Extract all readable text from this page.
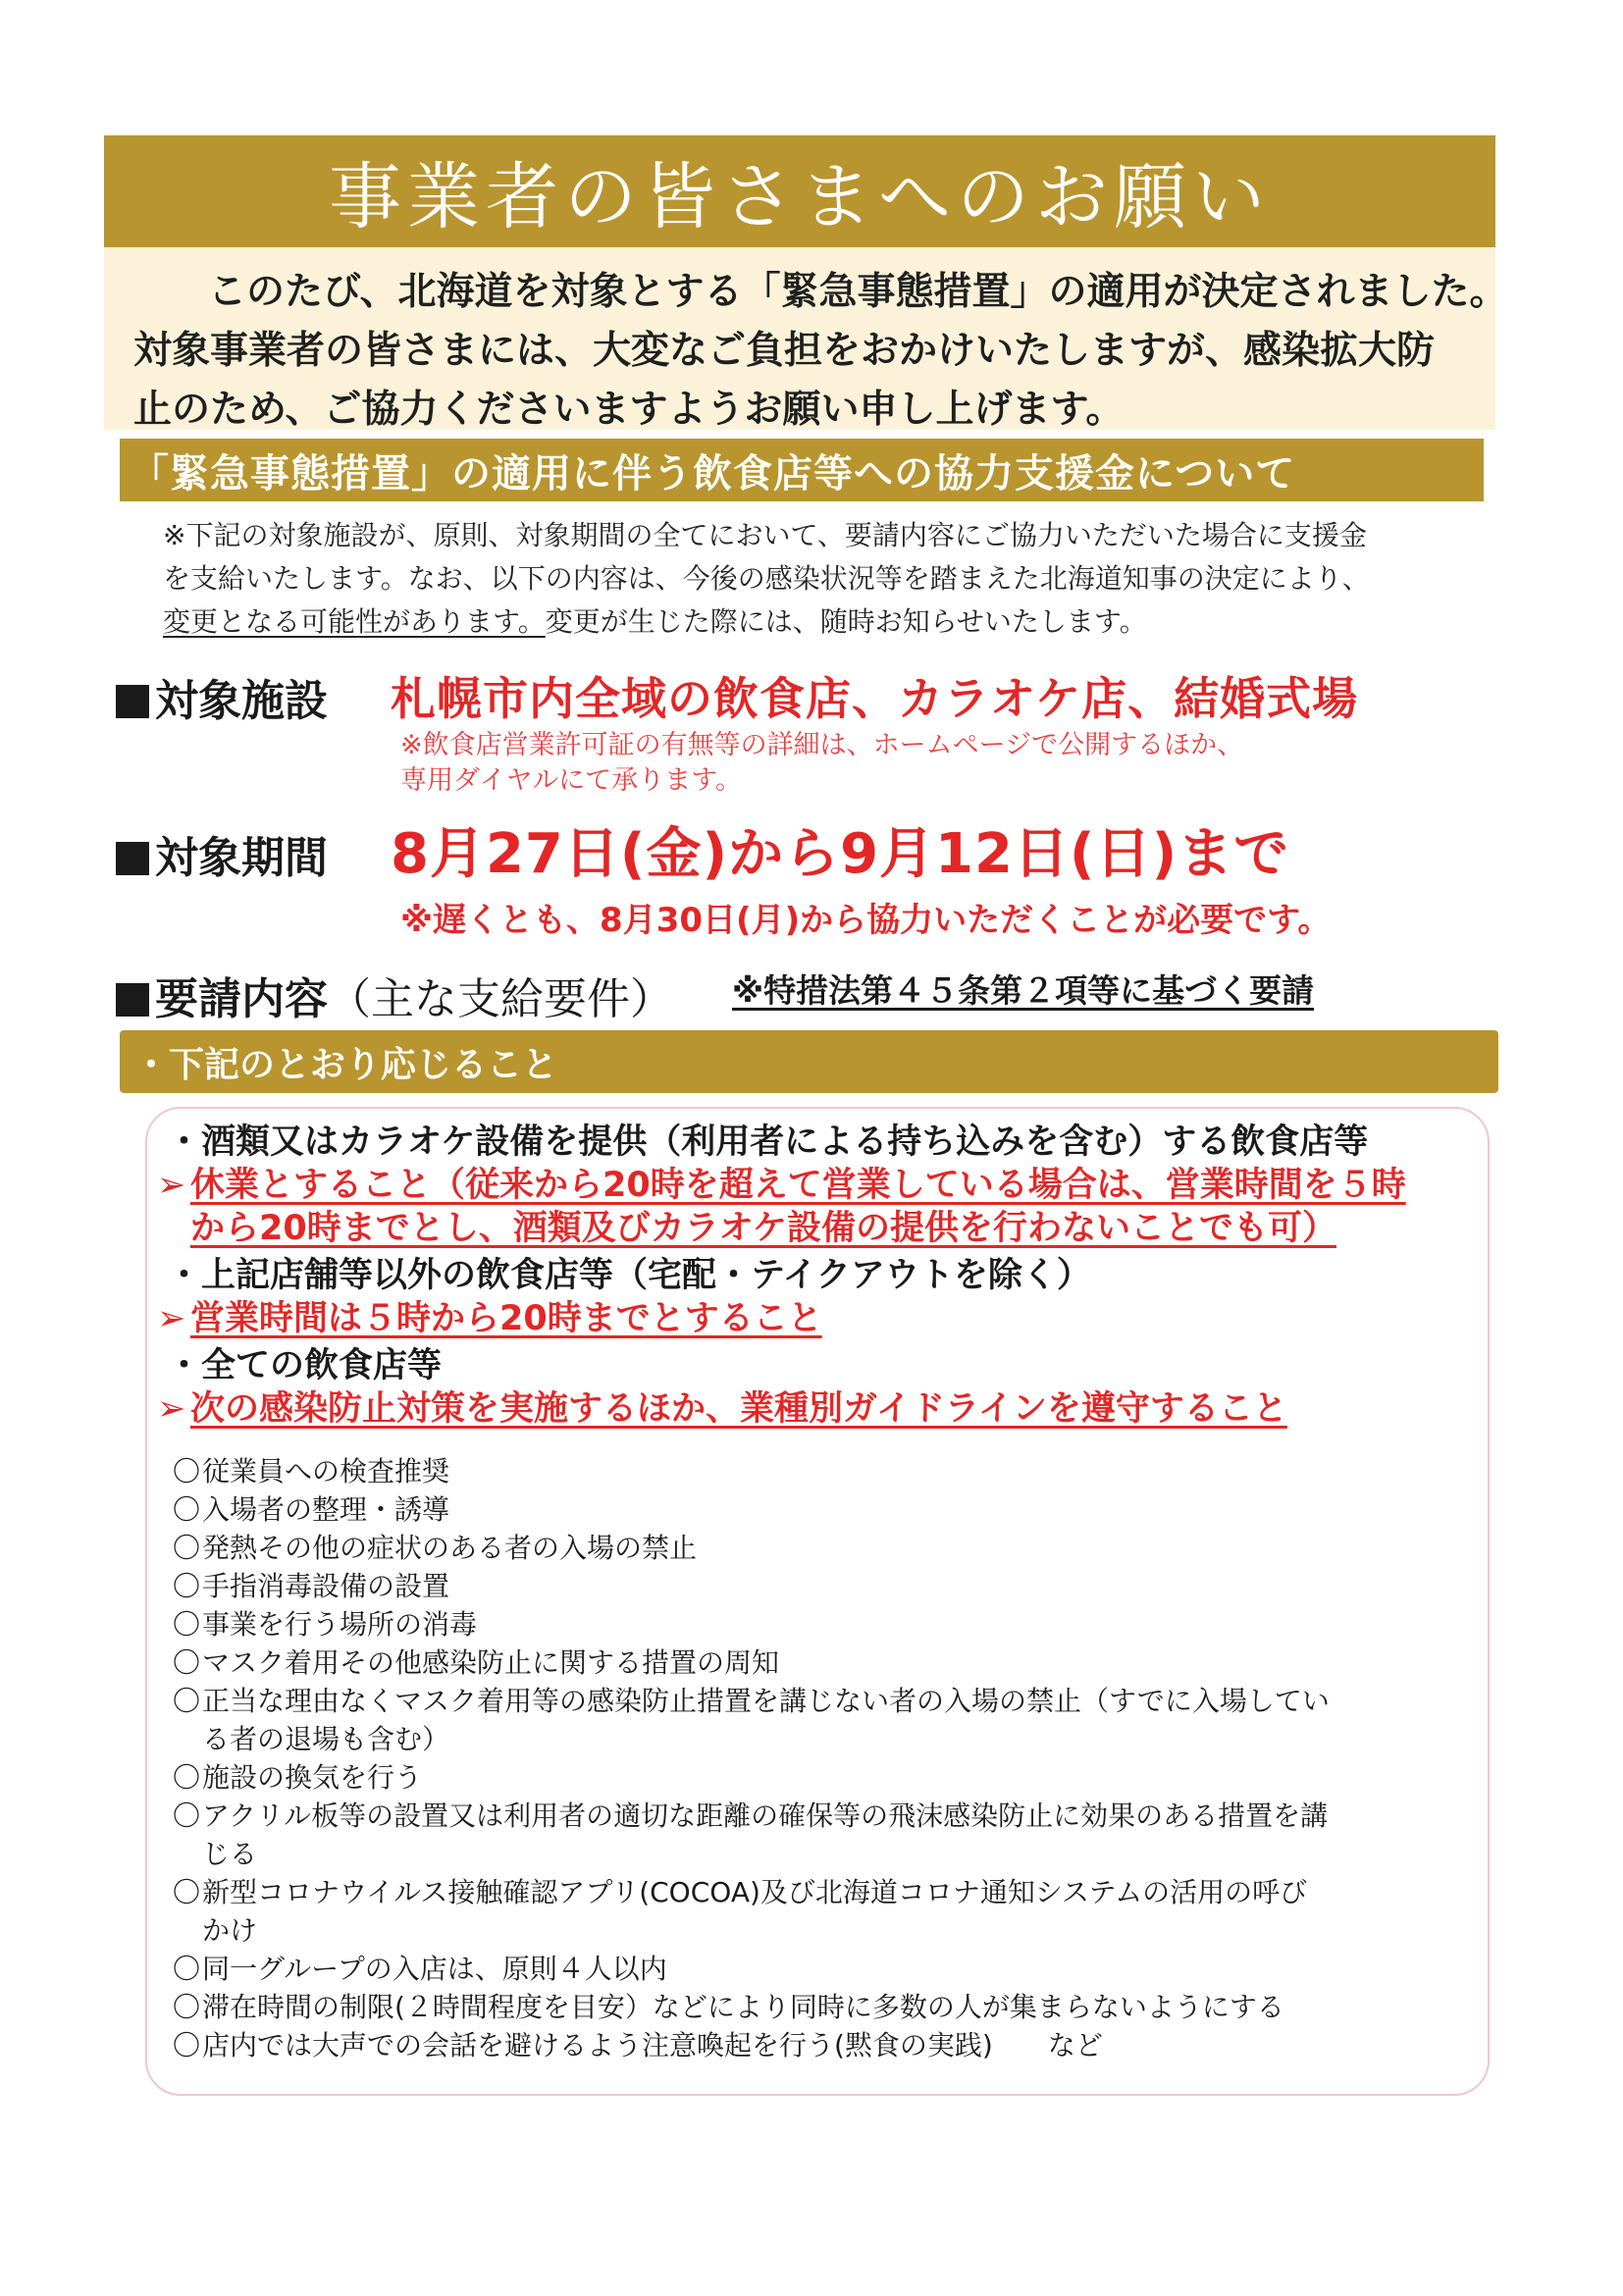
事業者の皆さまへのお願い
このたび、北海道を対象とする「緊急事態措置」の適用が決定されました。
対象事業者の皆さまには、大変なご負担をおかけいたしますが、感染拡大防
止のため、ご協力くださいますようお願い申し上げます。
「緊急事態措置」の適用に伴う飲食店等への協力支援金について
※下記の対象施設が、原則、対象期間の全てにおいて、要請内容にご協力いただいた場合に支援金
を支給いたします。なお、以下の内容は、今後の感染状況等を踏まえた北海道知事の決定により、
変更となる可能性があります。変更が生じた際には、随時お知らせいたします。
対象施設 札幌市内全域の飲食店、カラオケ店、結婚式場
※飲食店営業許可証の有無等の詳細は、ホームページで公開するほか、
専用ダイヤルにて承ります。
対象期間 8月27日(金)から9月12日(日)まで
※遅くとも、8月30日(月)から協力いただくことが必要です。
要請内容（主な支給要件） ※特措法第４５条第２項等に基づく要請
・下記のとおり応じること
・酒類又はカラオケ設備を提供（利用者による持ち込みを含む）する飲食店等
➢ 休業とすること（従来から20時を超えて営業している場合は、営業時間を５時
から20時までとし、酒類及びカラオケ設備の提供を行わないことでも可）
・上記店舗等以外の飲食店等（宅配・テイクアウトを除く）
➢ 営業時間は５時から20時までとすること
・全ての飲食店等
➢ 次の感染防止対策を実施するほか、業種別ガイドラインを遵守すること
〇 従業員への検査推奨
〇 入場者の整理・誘導
〇 発熱その他の症状のある者の入場の禁止
〇 手指消毒設備の設置
〇 事業を行う場所の消毒
〇 マスク着用その他感染防止に関する措置の周知
〇 正当な理由なくマスク着用等の感染防止措置を講じない者の入場の禁止（すでに入場してい
る者の退場も含む）
〇 施設の換気を行う
〇 アクリル板等の設置又は利用者の適切な距離の確保等の飛沫感染防止に効果のある措置を講
じる
〇 新型コロナウイルス接触確認アプリ(COCOA)及び北海道コロナ通知システムの活用の呼び
かけ
〇 同一グループの入店は、原則４人以内
〇 滞在時間の制限(２時間程度を目安）などにより同時に多数の人が集まらないようにする
〇 店内では大声での会話を避けるよう注意喚起を行う(黙食の実践)　　など
